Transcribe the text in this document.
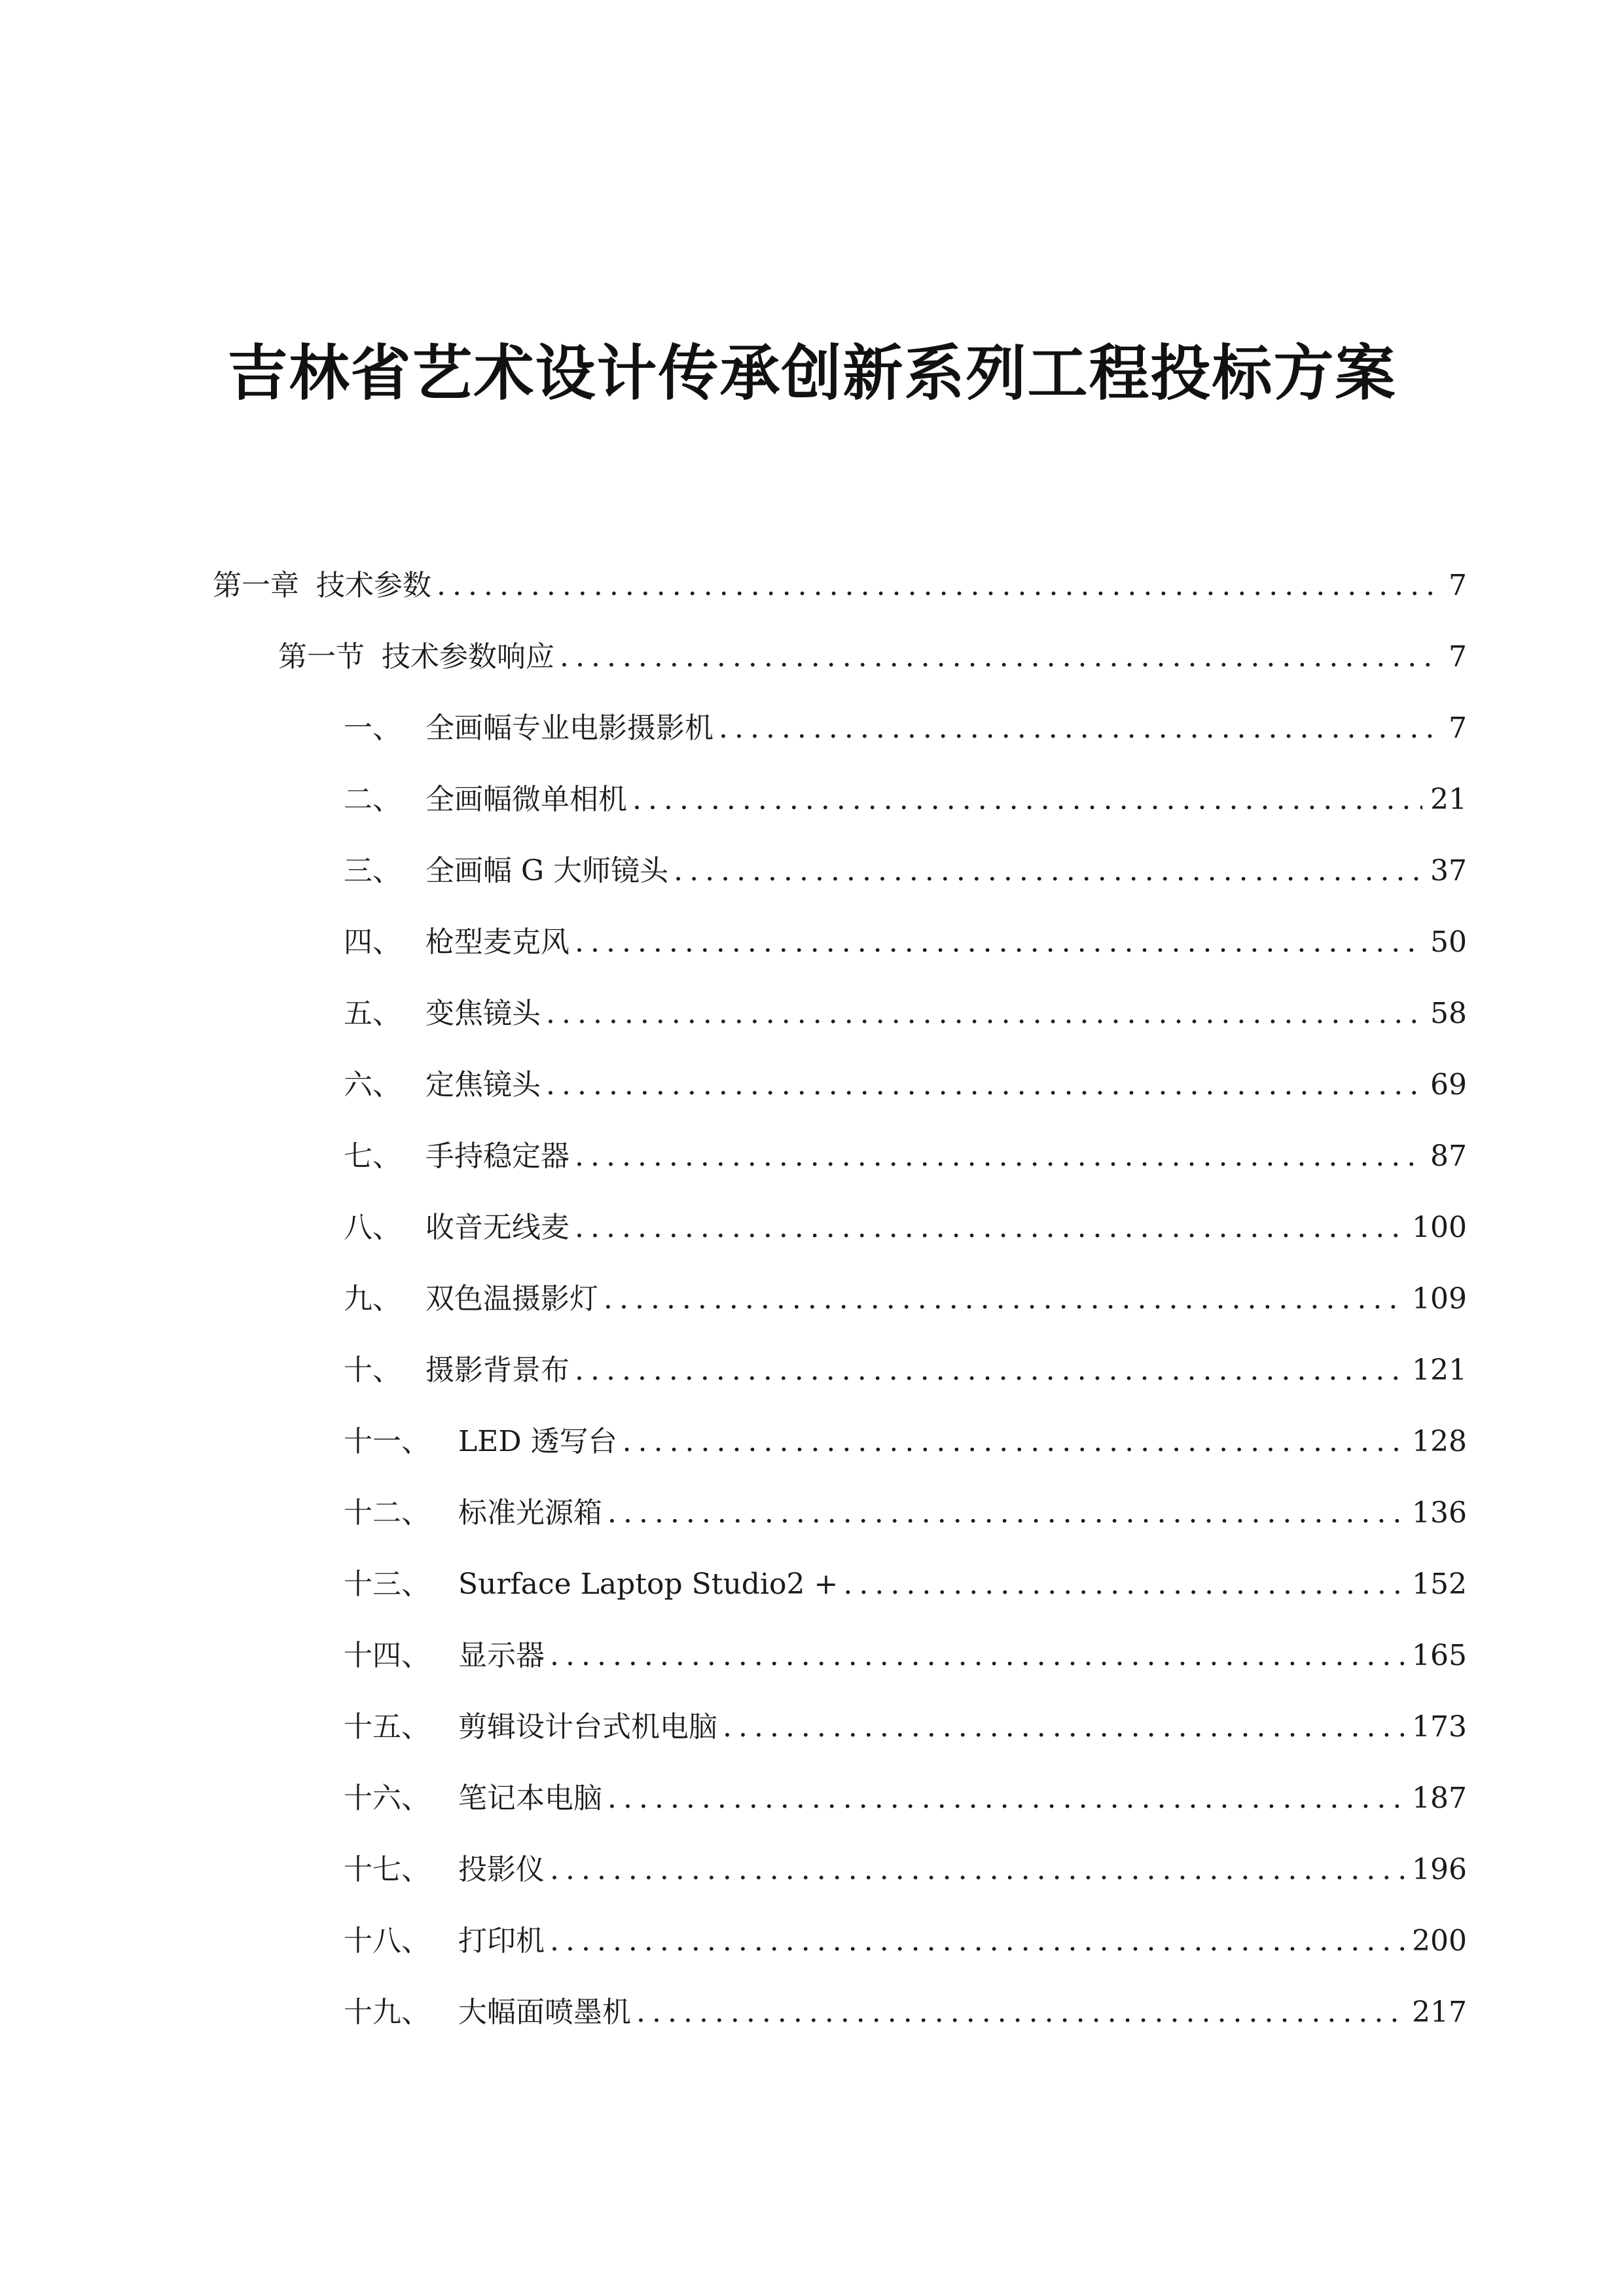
吉林省艺术设计传承创新系列工程投标方案
第一章 技术参数 .....	7
第一节 技术参数响应 .....	7
一、 全画幅专业电影摄影机 .....	7
二、 全画幅微单相机 .....	21
三、 全画幅 G 大师镜头 .....	37
四、 枪型麦克风 .....	50
五、 变焦镜头 .....	58
六、 定焦镜头 .....	69
七、 手持稳定器 .....	87
八、 收音无线麦 .....	100
九、 双色温摄影灯 .....	109
十、 摄影背景布 .....	121
十一、 LED 透写台 .....	128
十二、 标准光源箱 .....	136
十三、 Surface Laptop Studio2 + .....	152
十四、 显示器 .....	165
十五、 剪辑设计台式机电脑 .....	173
十六、 笔记本电脑 .....	187
十七、 投影仪 .....	196
十八、 打印机 .....	200
十九、 大幅面喷墨机 .....	217
